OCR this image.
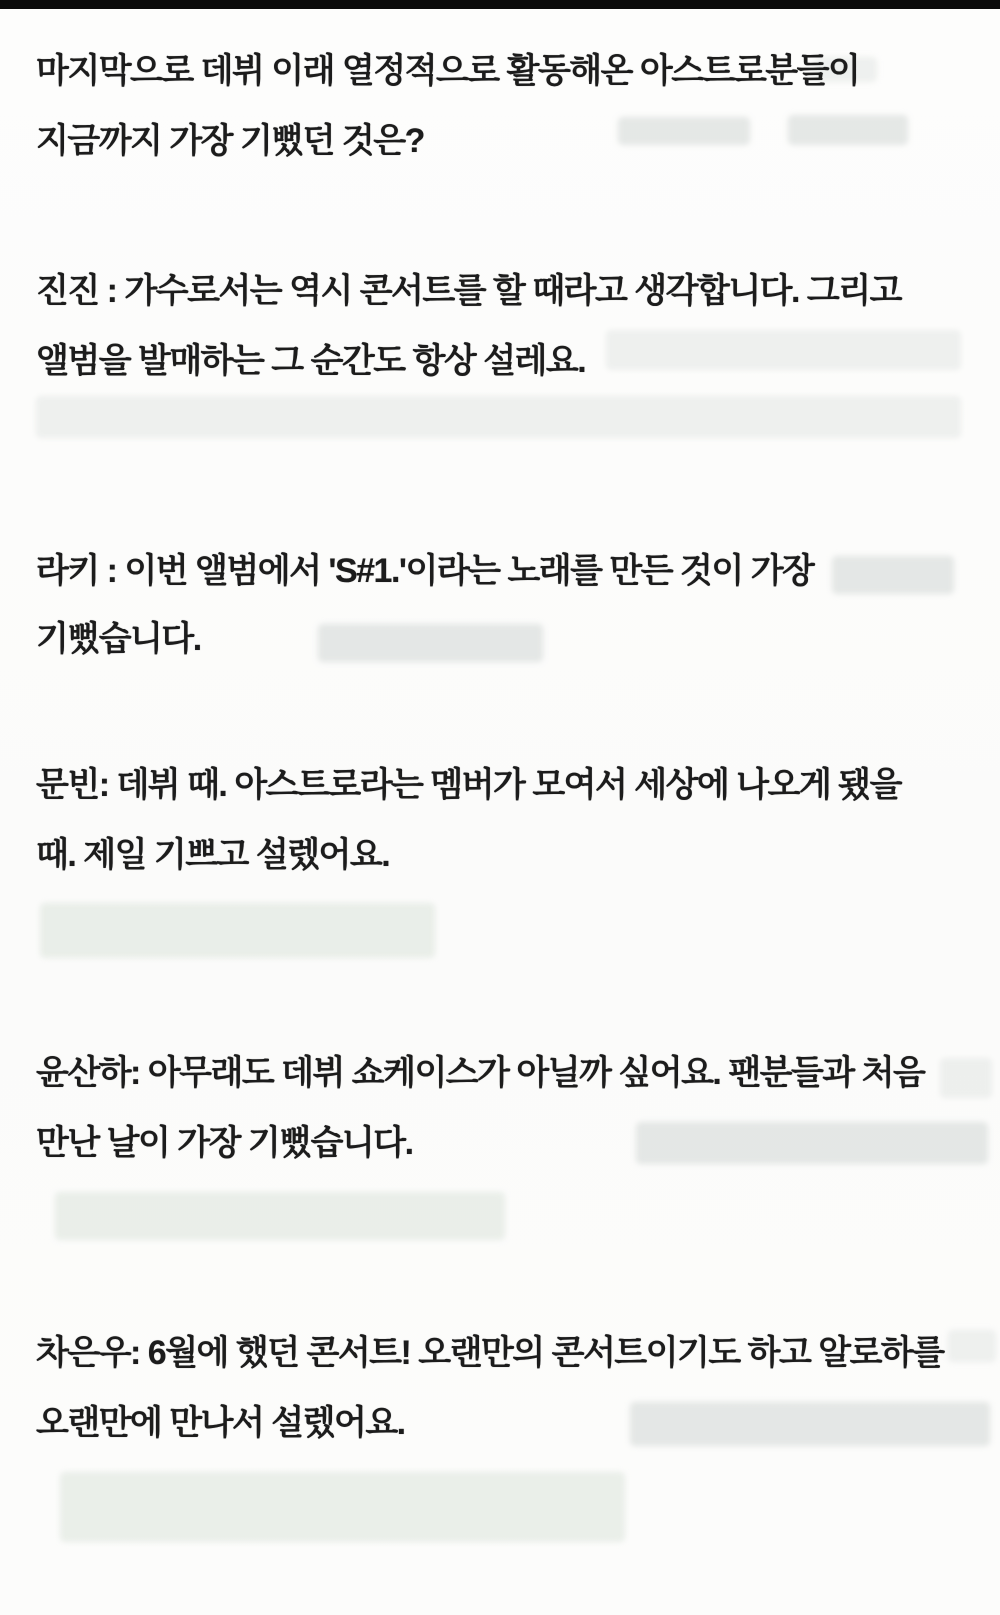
마지막으로 데뷔 이래 열정적으로 활동해온 아스트로분들이
지금까지 가장 기뻤던 것은?
진진 : 가수로서는 역시 콘서트를 할 때라고 생각합니다. 그리고
앨범을 발매하는 그 순간도 항상 설레요.
라키 : 이번 앨범에서 'S#1.'이라는 노래를 만든 것이 가장
기뻤습니다.
문빈: 데뷔 때. 아스트로라는 멤버가 모여서 세상에 나오게 됐을
때. 제일 기쁘고 설렜어요.
윤산하: 아무래도 데뷔 쇼케이스가 아닐까 싶어요. 팬분들과 처음
만난 날이 가장 기뻤습니다.
차은우: 6월에 했던 콘서트! 오랜만의 콘서트이기도 하고 알로하를
오랜만에 만나서 설렜어요.
